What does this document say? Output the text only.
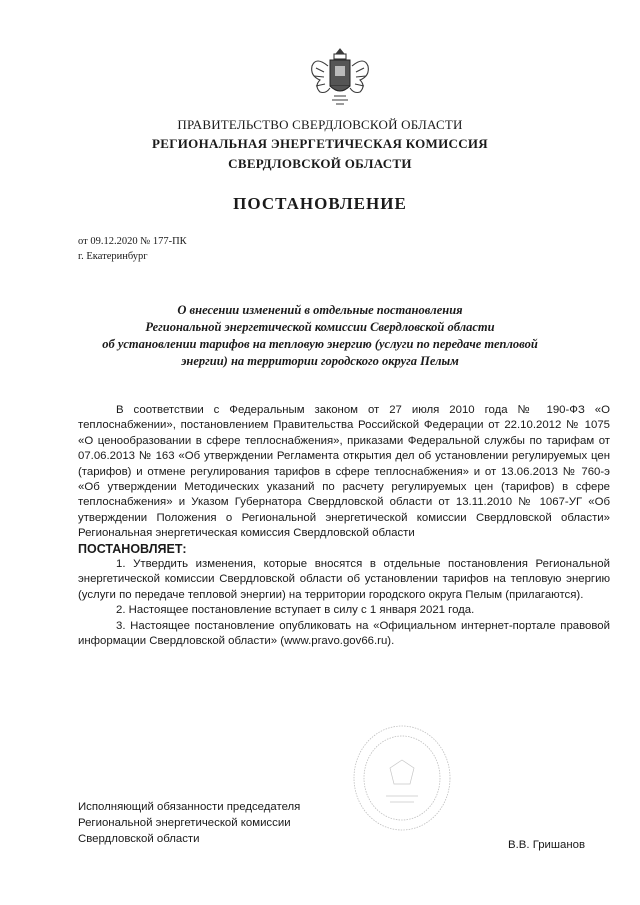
ПРАВИТЕЛЬСТВО СВЕРДЛОВСКОЙ ОБЛАСТИ
РЕГИОНАЛЬНАЯ ЭНЕРГЕТИЧЕСКАЯ КОМИССИЯ
СВЕРДЛОВСКОЙ ОБЛАСТИ
ПОСТАНОВЛЕНИЕ
от 09.12.2020 № 177-ПК
г. Екатеринбург
О внесении изменений в отдельные постановления
Региональной энергетической комиссии Свердловской области
об установлении тарифов на тепловую энергию (услуги по передаче тепловой
энергии) на территории городского округа Пелым

В соответствии с Федеральным законом от 27 июля 2010 года № 190-ФЗ «О теплоснабжении», постановлением Правительства Российской Федерации от 22.10.2012 № 1075 «О ценообразовании в сфере теплоснабжения», приказами Федеральной службы по тарифам от 07.06.2013 № 163 «Об утверждении Регламента открытия дел об установлении регулируемых цен (тарифов) и отмене регулирования тарифов в сфере теплоснабжения» и от 13.06.2013 № 760-э «Об утверждении Методических указаний по расчету регулируемых цен (тарифов) в сфере теплоснабжения» и Указом Губернатора Свердловской области от 13.11.2010 № 1067-УГ «Об утверждении Положения о Региональной энергетической комиссии Свердловской области» Региональная энергетическая комиссия Свердловской области

ПОСТАНОВЛЯЕТ:

1. Утвердить изменения, которые вносятся в отдельные постановления Региональной энергетической комиссии Свердловской области об установлении тарифов на тепловую энергию (услуги по передаче тепловой энергии) на территории городского округа Пелым (прилагаются).

2. Настоящее постановление вступает в силу с 1 января 2021 года.

3. Настоящее постановление опубликовать на «Официальном интернет-портале правовой информации Свердловской области» (www.pravo.gov66.ru).

Исполняющий обязанности председателя
Региональной энергетической комиссии
Свердловской области	В.В. Гришанов
